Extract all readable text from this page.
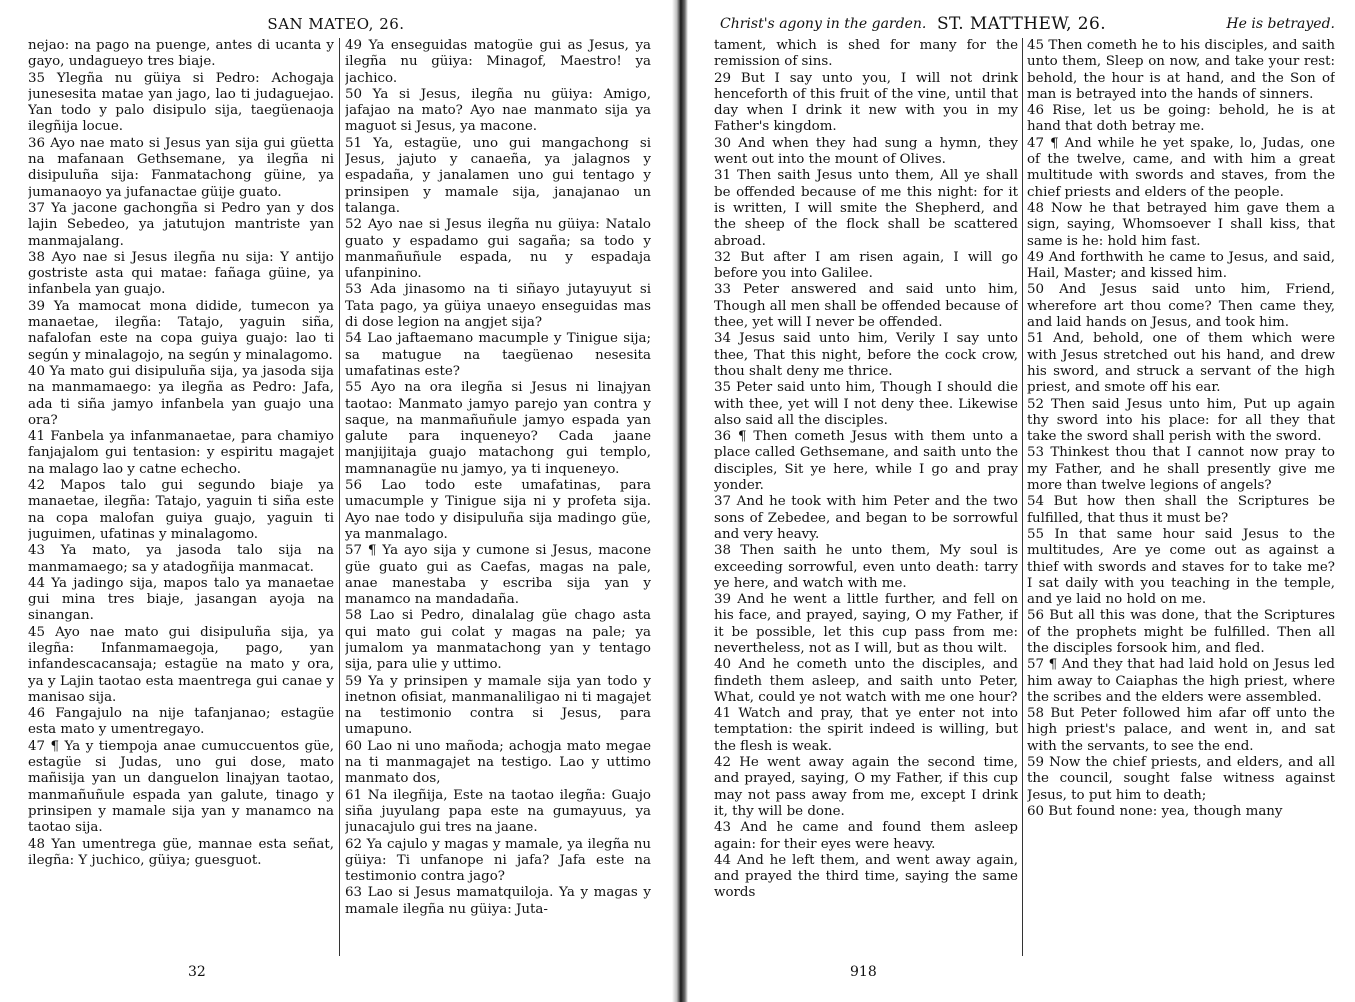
SAN MATEO, 26.

nejao: na pago na puenge, antes di ucanta y gayo, undagueyo tres biaje.

35 Ylegña nu güiya si Pedro: Achogaja junesesita matae yan jago, lao ti judaguejao. Yan todo y palo disipulo sija, taegüenaoja ilegñija locue.

36 Ayo nae mato si Jesus yan sija gui güetta na mafanaan Gethsemane, ya ilegña ni disipuluña sija: Fanmatachong güine, ya jumanaoyo ya jufanactae güije guato.

37 Ya jacone gachongña si Pedro yan y dos lajin Sebedeo, ya jatutujon mantriste yan manmajalang.

38 Ayo nae si Jesus ilegña nu sija: Y antijo gostriste asta qui matae: fañaga güine, ya infanbela yan guajo.

39 Ya mamocat mona didide, tumecon ya manaetae, ilegña: Tatajo, yaguin siña, nafalofan este na copa guiya guajo: lao ti según y minalagojo, na según y minalagomo.

40 Ya mato gui disipuluña sija, ya jasoda sija na manmamaego: ya ilegña as Pedro: Jafa, ada ti siña jamyo infanbela yan guajo una ora?

41 Fanbela ya infanmanaetae, para chamiyo fanjajalom gui tentasion: y espiritu magajet na malago lao y catne echecho.

42 Mapos talo gui segundo biaje ya manaetae, ilegña: Tatajo, yaguin ti siña este na copa malofan guiya guajo, yaguin ti juguimen, ufatinas y minalagomo.

43 Ya mato, ya jasoda talo sija na manmamaego; sa y atadogñija manmacat.

44 Ya jadingo sija, mapos talo ya manaetae gui mina tres biaje, jasangan ayoja na sinangan.

45 Ayo nae mato gui disipuluña sija, ya ilegña: Infanmamaegoja, pago, yan infandescacansaja; estagüe na mato y ora, ya y Lajin taotao esta maentrega gui canae y manisao sija.

46 Fangajulo na nije tafanjanao; estagüe esta mato y umentregayo.

47 ¶ Ya y tiempoja anae cumuccuentos güe, estagüe si Judas, uno gui dose, mato mañisija yan un danguelon linajyan taotao, manmañuñule espada yan galute, tinago y prinsipen y mamale sija yan y manamco na taotao sija.

48 Yan umentrega güe, mannae esta señat, ilegña: Y juchico, güiya; guesguot.

49 Ya enseguidas matogüe gui as Jesus, ya ilegña nu güiya: Minagof, Maestro! ya jachico.

50 Ya si Jesus, ilegña nu güiya: Amigo, jafajao na mato? Ayo nae manmato sija ya maguot si Jesus, ya macone.

51 Ya, estagüe, uno gui mangachong si Jesus, jajuto y canaeña, ya jalagnos y espadaña, y janalamen uno gui tentago y prinsipen y mamale sija, janajanao un talanga.

52 Ayo nae si Jesus ilegña nu güiya: Natalo guato y espadamo gui sagaña; sa todo y manmañuñule espada, nu y espadaja ufanpinino.

53 Ada jinasomo na ti siñayo jutayuyut si Tata pago, ya güiya unaeyo enseguidas mas di dose legion na angjet sija?

54 Lao jaftaemano macumple y Tinigue sija; sa matugue na taegüenao nesesita umafatinas este?

55 Ayo na ora ilegña si Jesus ni linajyan taotao: Manmato jamyo parejo yan contra y saque, na manmañuñule jamyo espada yan galute para inqueneyo? Cada jaane manjijitaja guajo matachong gui templo, mamnanagüe nu jamyo, ya ti inqueneyo.

56 Lao todo este umafatinas, para umacumple y Tinigue sija ni y profeta sija. Ayo nae todo y disipuluña sija madingo güe, ya manmalago.

57 ¶ Ya ayo sija y cumone si Jesus, macone güe guato gui as Caefas, magas na pale, anae manestaba y escriba sija yan y manamco na mandadaña.

58 Lao si Pedro, dinalalag güe chago asta qui mato gui colat y magas na pale; ya jumalom ya manmatachong yan y tentago sija, para ulie y uttimo.

59 Ya y prinsipen y mamale sija yan todo y inetnon ofisiat, manmanaliligao ni ti magajet na testimonio contra si Jesus, para umapuno.

60 Lao ni uno mañoda; achogja mato megae na ti manmagajet na testigo. Lao y uttimo manmato dos,

61 Na ilegñija, Este na taotao ilegña: Guajo siña juyulang papa este na gumayuus, ya junacajulo gui tres na jaane.

62 Ya cajulo y magas y mamale, ya ilegña nu güiya: Ti unfanope ni jafa? Jafa este na testimonio contra jago?

63 Lao si Jesus mamatquiloja. Ya y magas y mamale ilegña nu güiya: Juta-

32
Christ's agony in the garden. ST. MATTHEW, 26.	He is betrayed.

tament, which is shed for many for the remission of sins.

29 But I say unto you, I will not drink henceforth of this fruit of the vine, until that day when I drink it new with you in my Father's kingdom.

30 And when they had sung a hymn, they went out into the mount of Olives.

31 Then saith Jesus unto them, All ye shall be offended because of me this night: for it is written, I will smite the Shepherd, and the sheep of the flock shall be scattered abroad.

32 But after I am risen again, I will go before you into Galilee.

33 Peter answered and said unto him, Though all men shall be offended because of thee, yet will I never be offended.

34 Jesus said unto him, Verily I say unto thee, That this night, before the cock crow, thou shalt deny me thrice.

35 Peter said unto him, Though I should die with thee, yet will I not deny thee. Likewise also said all the disciples.

36 ¶ Then cometh Jesus with them unto a place called Gethsemane, and saith unto the disciples, Sit ye here, while I go and pray yonder.

37 And he took with him Peter and the two sons of Zebedee, and began to be sorrowful and very heavy.

38 Then saith he unto them, My soul is exceeding sorrowful, even unto death: tarry ye here, and watch with me.

39 And he went a little further, and fell on his face, and prayed, saying, O my Father, if it be possible, let this cup pass from me: nevertheless, not as I will, but as thou wilt.

40 And he cometh unto the disciples, and findeth them asleep, and saith unto Peter, What, could ye not watch with me one hour?

41 Watch and pray, that ye enter not into temptation: the spirit indeed is willing, but the flesh is weak.

42 He went away again the second time, and prayed, saying, O my Father, if this cup may not pass away from me, except I drink it, thy will be done.

43 And he came and found them asleep again: for their eyes were heavy.

44 And he left them, and went away again, and prayed the third time, saying the same words

45 Then cometh he to his disciples, and saith unto them, Sleep on now, and take your rest: behold, the hour is at hand, and the Son of man is betrayed into the hands of sinners.

46 Rise, let us be going: behold, he is at hand that doth betray me.

47 ¶ And while he yet spake, lo, Judas, one of the twelve, came, and with him a great multitude with swords and staves, from the chief priests and elders of the people.

48 Now he that betrayed him gave them a sign, saying, Whomsoever I shall kiss, that same is he: hold him fast.

49 And forthwith he came to Jesus, and said, Hail, Master; and kissed him.

50 And Jesus said unto him, Friend, wherefore art thou come? Then came they, and laid hands on Jesus, and took him.

51 And, behold, one of them which were with Jesus stretched out his hand, and drew his sword, and struck a servant of the high priest, and smote off his ear.

52 Then said Jesus unto him, Put up again thy sword into his place: for all they that take the sword shall perish with the sword.

53 Thinkest thou that I cannot now pray to my Father, and he shall presently give me more than twelve legions of angels?

54 But how then shall the Scriptures be fulfilled, that thus it must be?

55 In that same hour said Jesus to the multitudes, Are ye come out as against a thief with swords and staves for to take me? I sat daily with you teaching in the temple, and ye laid no hold on me.

56 But all this was done, that the Scriptures of the prophets might be fulfilled. Then all the disciples forsook him, and fled.

57 ¶ And they that had laid hold on Jesus led him away to Caiaphas the high priest, where the scribes and the elders were assembled.

58 But Peter followed him afar off unto the high priest's palace, and went in, and sat with the servants, to see the end.

59 Now the chief priests, and elders, and all the council, sought false witness against Jesus, to put him to death;

60 But found none: yea, though many

918
